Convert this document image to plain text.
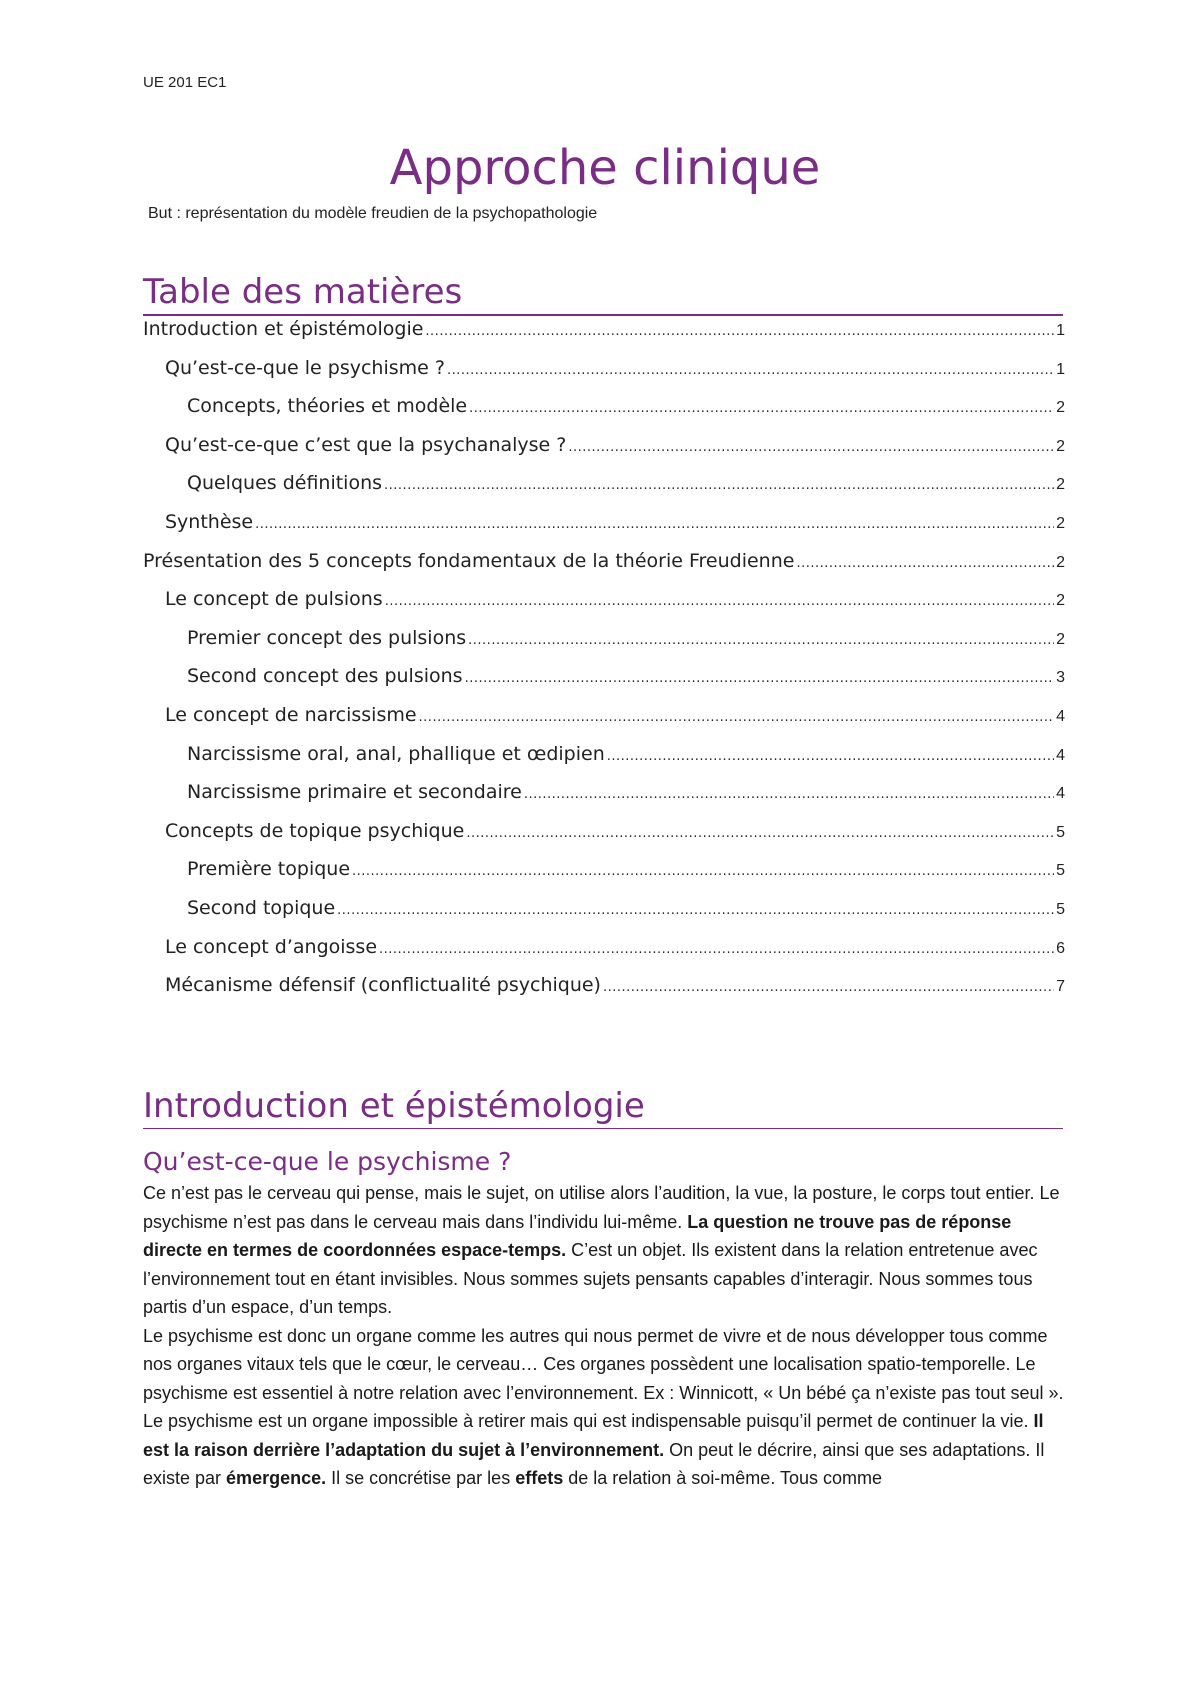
UE 201 EC1
Approche clinique
But : représentation du modèle freudien de la psychopathologie
Table des matières
Introduction et épistémologie .....	1
Qu’est-ce-que le psychisme ? .....	1
Concepts, théories et modèle .....	2
Qu’est-ce-que c’est que la psychanalyse ? .....	2
Quelques définitions .....	2
Synthèse .....	2
Présentation des 5 concepts fondamentaux de la théorie Freudienne .....	2
Le concept de pulsions .....	2
Premier concept des pulsions .....	2
Second concept des pulsions .....	3
Le concept de narcissisme .....	4
Narcissisme oral, anal, phallique et œdipien .....	4
Narcissisme primaire et secondaire .....	4
Concepts de topique psychique .....	5
Première topique .....	5
Second topique .....	5
Le concept d’angoisse .....	6
Mécanisme défensif (conflictualité psychique) .....	7
Introduction et épistémologie
Qu’est-ce-que le psychisme ?

Ce n’est pas le cerveau qui pense, mais le sujet, on utilise alors l’audition, la vue, la posture, le corps tout entier. Le psychisme n’est pas dans le cerveau mais dans l’individu lui-même. La question ne trouve pas de réponse directe en termes de coordonnées espace-temps. C’est un objet. Ils existent dans la relation entretenue avec l’environnement tout en étant invisibles. Nous sommes sujets pensants capables d’interagir. Nous sommes tous partis d’un espace, d’un temps.

Le psychisme est donc un organe comme les autres qui nous permet de vivre et de nous développer tous comme nos organes vitaux tels que le cœur, le cerveau… Ces organes possèdent une localisation spatio-temporelle. Le psychisme est essentiel à notre relation avec l’environnement. Ex : Winnicott, « Un bébé ça n’existe pas tout seul ».

Le psychisme est un organe impossible à retirer mais qui est indispensable puisqu’il permet de continuer la vie. Il est la raison derrière l’adaptation du sujet à l’environnement. On peut le décrire, ainsi que ses adaptations. Il existe par émergence. Il se concrétise par les effets de la relation à soi-même. Tous comme
